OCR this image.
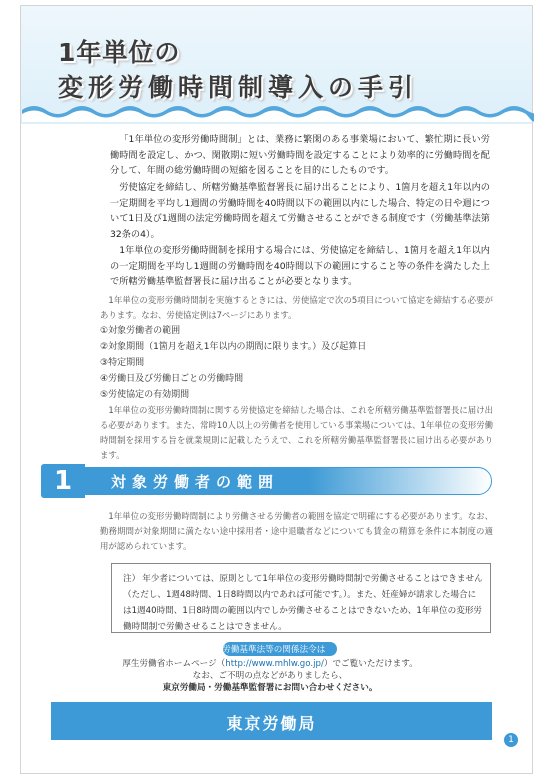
1年単位の
変形労働時間制導入の手引

「1年単位の変形労働時間制」とは、業務に繁閑のある事業場において、繁忙期に長い労働時間を設定し、かつ、閑散期に短い労働時間を設定することにより効率的に労働時間を配分して、年間の総労働時間の短縮を図ることを目的にしたものです。

労使協定を締結し、所轄労働基準監督署長に届け出ることにより、1箇月を超え1年以内の一定期間を平均し1週間の労働時間を40時間以下の範囲以内にした場合、特定の日や週について1日及び1週間の法定労働時間を超えて労働させることができる制度です（労働基準法第32条の4）。

1年単位の変形労働時間制を採用する場合には、労使協定を締結し、1箇月を超え1年以内の一定期間を平均し1週間の労働時間を40時間以下の範囲にすること等の条件を満たした上で所轄労働基準監督署長に届け出ることが必要となります。

1年単位の変形労働時間制を実施するときには、労使協定で次の5項目について協定を締結する必要があります。なお、労使協定例は7ページにあります。

①対象労働者の範囲
②対象期間（1箇月を超え1年以内の期間に限ります。）及び起算日
③特定期間
④労働日及び労働日ごとの労働時間
⑤労使協定の有効期間

1年単位の変形労働時間制に関する労使協定を締結した場合は、これを所轄労働基準監督署長に届け出る必要があります。また、常時10人以上の労働者を使用している事業場については、1年単位の変形労働時間制を採用する旨を就業規則に記載したうえで、これを所轄労働基準監督署長に届け出る必要があります。

1	対象労働者の範囲

1年単位の変形労働時間制により労働させる労働者の範囲を協定で明確にする必要があります。なお、勤務期間が対象期間に満たない途中採用者・途中退職者などについても賃金の精算を条件に本制度の適用が認められています。

注） 年少者については、原則として1年単位の変形労働時間制で労働させることはできません（ただし、1週48時間、1日8時間以内であれば可能です。）。また、妊産婦が請求した場合には1週40時間、1日8時間の範囲以内でしか労働させることはできないため、1年単位の変形労働時間制で労働させることはできません。
●労働基準法等の関係法令は
厚生労働省ホームページ（http://www.mhlw.go.jp/）でご覧いただけます。
なお、ご不明の点などがありましたら、
東京労働局・労働基準監督署にお問い合わせください。
東京労働局
1
